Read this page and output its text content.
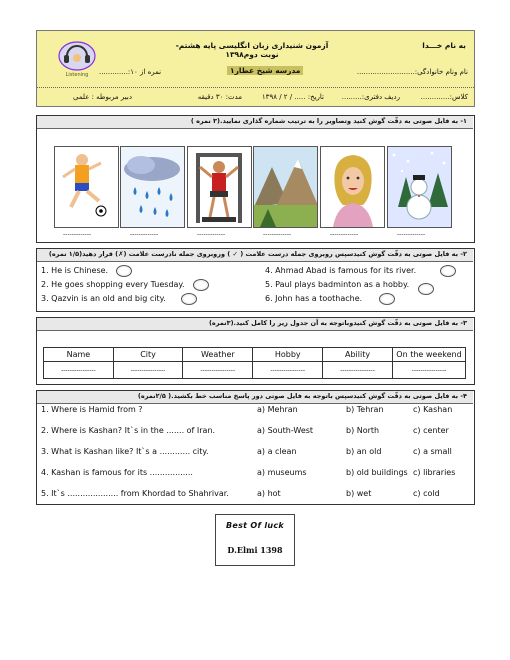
به نام خـــدا
آزمون شنیداری زبان انگلیسی پایه هشتم-نوبت دوم۱۳۹۸
مدرسه شیخ عطار۱	نام ونام خانوادگی:..........................
نمره از ۱۰:.............
کلاس:.............
ردیف دفتری:.........
تاریخ: ..... / ۲ / ۱۳۹۸
مدت: ۳۰ دقیقه
دبیر مربوطه : علمی
Listening
۱- به فایل صوتی به دقّت گوش کنید وتصاویر را به ترتیب شماره گذاری نمایید.(۳ نمره )
-------------	-------------	-------------	-------------	-------------	-------------
۲- به فایل صوتی به دقّت گوش کنیدسپس روبروی جمله درست علامت ( ✓ ) وروبروی جمله نادرست علامت (✗) قرار دهید(۱/۵ نمره)
1. He is Chinese.
2. He goes shopping every Tuesday.
3. Qazvin is an old and big city.
4. Ahmad Abad is famous for its river.
5. Paul plays badminton as a hobby.
6. John has a toothache.
۳- به فایل صوتی به دقّت گوش کنیدوباتوجه به آن جدول زیر را کامل کنید.(۳نمره)
Name	City	Weather	Hobby	Ability	On the weekend
----------------	----------------	----------------	----------------	----------------	----------------
۴- به فایل صوتی به دقّت گوش کنیدسپس باتوجه به فایل صوتی دور پاسخ مناسب خط بکشید.( ۲/۵نمره)
1. Where is Hamid from ?	a) Mehran	b) Tehran	c) Kashan
2. Where is Kashan? It`s in the ....... of Iran.	a) South-West	b) North	c) center
3. What is Kashan like? It`s a ............ city.	a) a clean	b) an old	c) a small
4. Kashan is famous for its .................	a) museums	b) old buildings c) libraries
5. It`s .................... from Khordad to Shahrivar.	a) hot	b) wet	c) cold
Best Of luck
D.Elmi 1398
